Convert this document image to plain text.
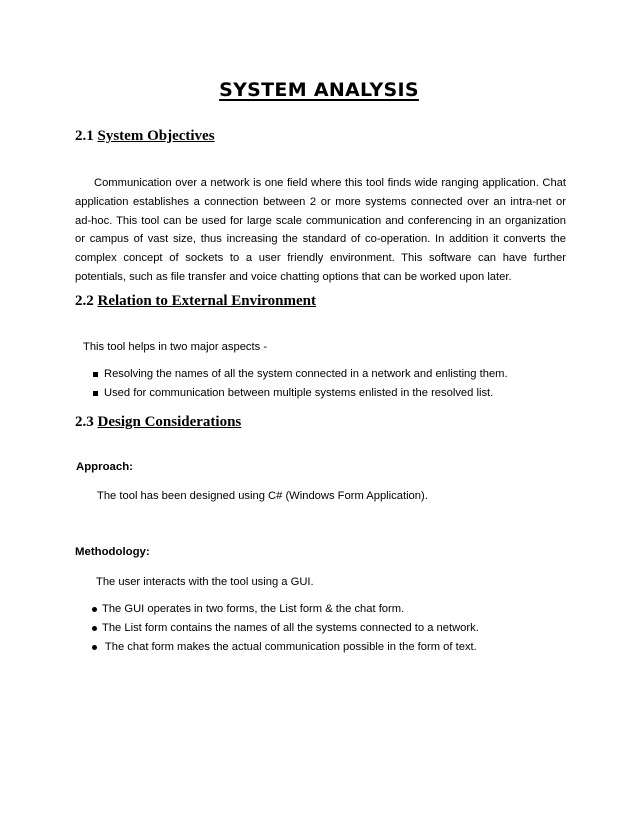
SYSTEM ANALYSIS
2.1 System Objectives

Communication over a network is one field where this tool finds wide ranging application. Chat application establishes a connection between 2 or more systems connected over an intra-net or ad-hoc. This tool can be used for large scale communication and conferencing in an organization or campus of vast size, thus increasing the standard of co-operation. In addition it converts the complex concept of sockets to a user friendly environment. This software can have further potentials, such as file transfer and voice chatting options that can be worked upon later.

2.2 Relation to External Environment

This tool helps in two major aspects -

Resolving the names of all the system connected in a network and enlisting them.
Used for communication between multiple systems enlisted in the resolved list.
2.3 Design Considerations

Approach:

The tool has been designed using C# (Windows Form Application).

Methodology:

The user interacts with the tool using a GUI.

The GUI operates in two forms, the List form & the chat form.
The List form contains the names of all the systems connected to a network.
The chat form makes the actual communication possible in the form of text.
